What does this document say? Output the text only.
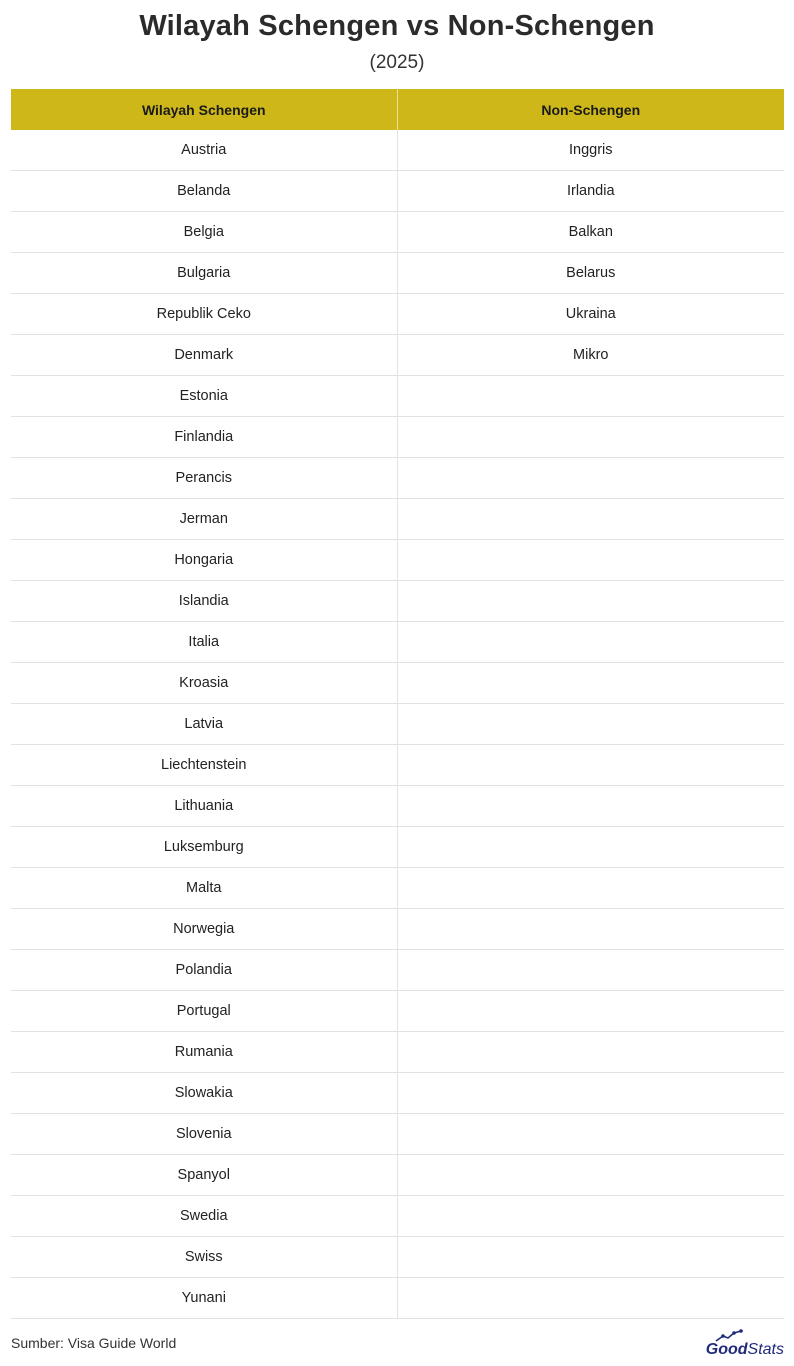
Wilayah Schengen vs Non-Schengen
(2025)
Wilayah Schengen	Non-Schengen
Austria	Inggris
Belanda	Irlandia
Belgia	Balkan
Bulgaria	Belarus
Republik Ceko	Ukraina
Denmark	Mikro
Estonia	
Finlandia	
Perancis	
Jerman	
Hongaria	
Islandia	
Italia	
Kroasia	
Latvia	
Liechtenstein	
Lithuania	
Luksemburg	
Malta	
Norwegia	
Polandia	
Portugal	
Rumania	
Slowakia	
Slovenia	
Spanyol	
Swedia	
Swiss	
Yunani	
Sumber: Visa Guide World	GoodStats
